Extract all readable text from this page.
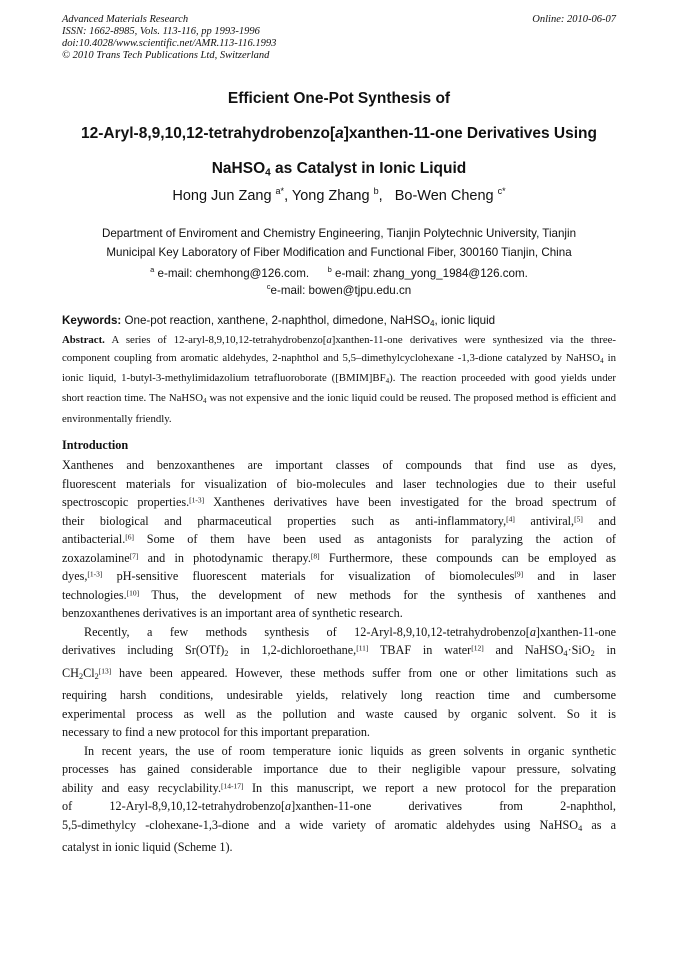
Advanced Materials Research
ISSN: 1662-8985, Vols. 113-116, pp 1993-1996
doi:10.4028/www.scientific.net/AMR.113-116.1993
© 2010 Trans Tech Publications Ltd, Switzerland
Online: 2010-06-07
Efficient One-Pot Synthesis of
12-Aryl-8,9,10,12-tetrahydrobenzo[a]xanthen-11-one Derivatives Using
NaHSO$_4$ as Catalyst in Ionic Liquid
Hong Jun Zang $^{a*}$, Yong Zhang $^b$,   Bo-Wen Cheng $^{c*}$
Department of Enviroment and Chemistry Engineering, Tianjin Polytechnic University, Tianjin
Municipal Key Laboratory of Fiber Modification and Functional Fiber, 300160 Tianjin, China
$^a$ e-mail: chemhong@126.com. $^b$ e-mail: zhang_yong_1984@126.com.
$^c$e-mail: bowen@tjpu.edu.cn
Keywords: One-pot reaction, xanthene, 2-naphthol, dimedone, NaHSO$_4$, ionic liquid
Abstract. A series of 12-aryl-8,9,10,12-tetrahydrobenzo[a]xanthen-11-one derivatives were synthesized via the three-component coupling from aromatic aldehydes, 2-naphthol and 5,5–dimethylcyclohexane -1,3-dione catalyzed by NaHSO$_4$ in ionic liquid, 1-butyl-3-methylimidazolium tetrafluoroborate $([BMIM]BF_4)$. The reaction proceeded with good yields under short reaction time. The NaHSO$_4$ was not expensive and the ionic liquid could be reused. The proposed method is efficient and environmentally friendly.
Introduction
Xanthenes and benzoxanthenes are important classes of compounds that find use as dyes,
fluorescent materials for visualization of bio-molecules and laser technologies due to their useful
spectroscopic properties.[1-3] Xanthenes derivatives have been investigated for the broad spectrum of
their biological and pharmaceutical properties such as anti-inflammatory,[4] antiviral,[5] and
antibacterial.[6] Some of them have been used as antagonists for paralyzing the action of
zoxazolamine[7] and in photodynamic therapy.[8] Furthermore, these compounds can be employed as
dyes,[1-3] pH-sensitive fluorescent materials for visualization of biomolecules[9] and in laser
technologies.[10] Thus, the development of new methods for the synthesis of xanthenes and
benzoxanthenes derivatives is an important area of synthetic research.
Recently, a few methods synthesis of 12-Aryl-8,9,10,12-tetrahydrobenzo[a]xanthen-11-one
derivatives including $Sr(OTf)_2$ in 1,2-dichloroethane,[11] TBAF in water[12] and NaHSO$_4$·SiO$_2$ in
$CH_2Cl_2[13]$ have been appeared. However, these methods suffer from one or other limitations such as
requiring harsh conditions, undesirable yields, relatively long reaction time and cumbersome
experimental process as well as the pollution and waste caused by organic solvent. So it is
necessary to find a new protocol for this important preparation.
In recent years, the use of room temperature ionic liquids as green solvents in organic synthetic
processes has gained considerable importance due to their negligible vapour pressure, solvating
ability and easy recyclability.[14-17] In this manuscript, we report a new protocol for the preparation
of 12-Aryl-8,9,10,12-tetrahydrobenzo[a]xanthen-11-one derivatives from 2-naphthol,
5,5-dimethylcy -clohexane-1,3-dione and a wide variety of aromatic aldehydes using NaHSO$_4$ as a
catalyst in ionic liquid (Scheme 1).
